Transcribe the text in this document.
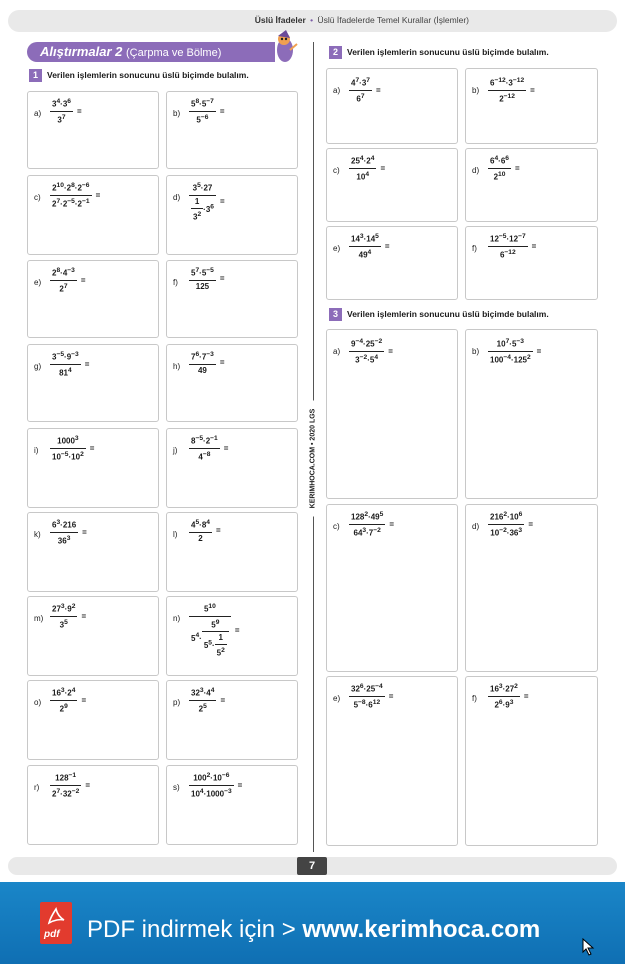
Üslü İfadeler • Üslü İfadelerde Temel Kurallar (İşlemler)
Alıştırmalar 2 (Çarpma ve Bölme)
1 Verilen işlemlerin sonucunu üslü biçimde bulalım.
$a) \frac{3^4\cdot 3^6}{3^7}$ =	$b) \frac{5^8\cdot 5^{-7}}{5^{-6}}$ =
$c) \frac{2^{10}\cdot 2^8\cdot 2^{-6}}{2^7\cdot 2^{-5}\cdot 2^{-1}}$ =	$d) \frac{3^5\cdot 27}{\frac{1}{3^2} \cdot 3^6}$ =
$e) \frac{2^8\cdot 4^{-3}}{2^7}$ =	$f) \frac{5^7\cdot 5^{-5}}{125}$ =
$g) \frac{3^{-5}\cdot 9^{-3}}{81^4}$ =	$h) \frac{7^6\cdot 7^{-3}}{49}$ =
$i) \frac{1000^3}{10^{-5}\cdot 10^2}$ =	$j) \frac{8^{-5}\cdot 2^{-1}}{4^{-8}}$ =
$k) \frac{6^3\cdot 216}{36^3}$ =	$l) \frac{4^5\cdot 8^4}{2}$ =
$m) \frac{27^3\cdot 9^2}{3^5}$ =	$n) \frac{5^{10}}{5^4\cdot \frac{5^9}{5^5\cdot \frac{1}{5^2}}}$ =
$o) \frac{16^3\cdot 2^4}{2^9}$ =	$p) \frac{32^3\cdot 4^4}{2^5}$ =
$r) \frac{128^{-1}}{2^7\cdot 32^{-2}}$ =	$s) \frac{100^2\cdot 10^{-6}}{10^4\cdot 1000^{-3}}$ =
KERIMHOCA.COM • 2020 LGS
2 Verilen işlemlerin sonucunu üslü biçimde bulalım.
$a) \frac{4^7\cdot 3^7}{6^7}$ =	$b) \frac{6^{-12}\cdot 3^{-12}}{2^{-12}}$ =
$c) \frac{25^4\cdot 2^4}{10^4}$ =	$d) \frac{6^4\cdot 6^6}{2^{10}}$ =
$e) \frac{14^3\cdot 14^5}{49^4}$ =	$f) \frac{12^{-5}\cdot 12^{-7}}{6^{-12}}$ =
3 Verilen işlemlerin sonucunu üslü biçimde bulalım.
$a) \frac{9^{-4}\cdot 25^{-2}}{3^{-2}\cdot 5^4}$ =	$b) \frac{10^7\cdot 5^{-3}}{100^{-4}\cdot 125^2}$ =
$c) \frac{128^2\cdot 49^5}{64^3\cdot 7^{-2}}$ =	$d) \frac{216^2\cdot 10^6}{10^{-2}\cdot 36^3}$ =
$e) \frac{32^6\cdot 25^{-4}}{5^{-8}\cdot 6^{12}}$ =	$f) \frac{16^3\cdot 27^2}{2^6\cdot 9^3}$ =
7
pdf PDF indirmek için > www.kerimhoca.com
